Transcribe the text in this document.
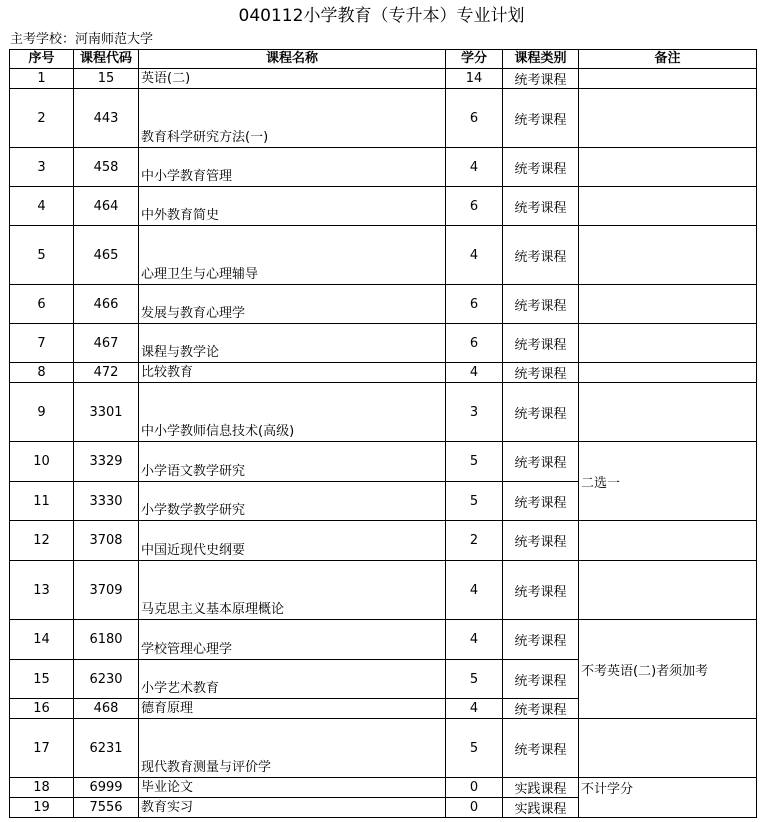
040112小学教育（专升本）专业计划
主考学校：河南师范大学
序号	课程代码	课程名称	学分	课程类别	备注
1	15	英语(二)	14	统考课程	
2	443	教育科学研究方法(一)	6	统考课程	
3	458	中小学教育管理	4	统考课程	
4	464	中外教育简史	6	统考课程	
5	465	心理卫生与心理辅导	4	统考课程	
6	466	发展与教育心理学	6	统考课程	
7	467	课程与教学论	6	统考课程	
8	472	比较教育	4	统考课程	
9	3301	中小学教师信息技术(高级)	3	统考课程	
10	3329	小学语文教学研究	5	统考课程	二选一
11	3330	小学数学教学研究	5	统考课程	
12	3708	中国近现代史纲要	2	统考课程	
13	3709	马克思主义基本原理概论	4	统考课程	
14	6180	学校管理心理学	4	统考课程	不考英语(二)者须加考
15	6230	小学艺术教育	5	统考课程	
16	468	德育原理	4	统考课程	
17	6231	现代教育测量与评价学	5	统考课程	
18	6999	毕业论文	0	实践课程	不计学分
19	7556	教育实习	0	实践课程	
